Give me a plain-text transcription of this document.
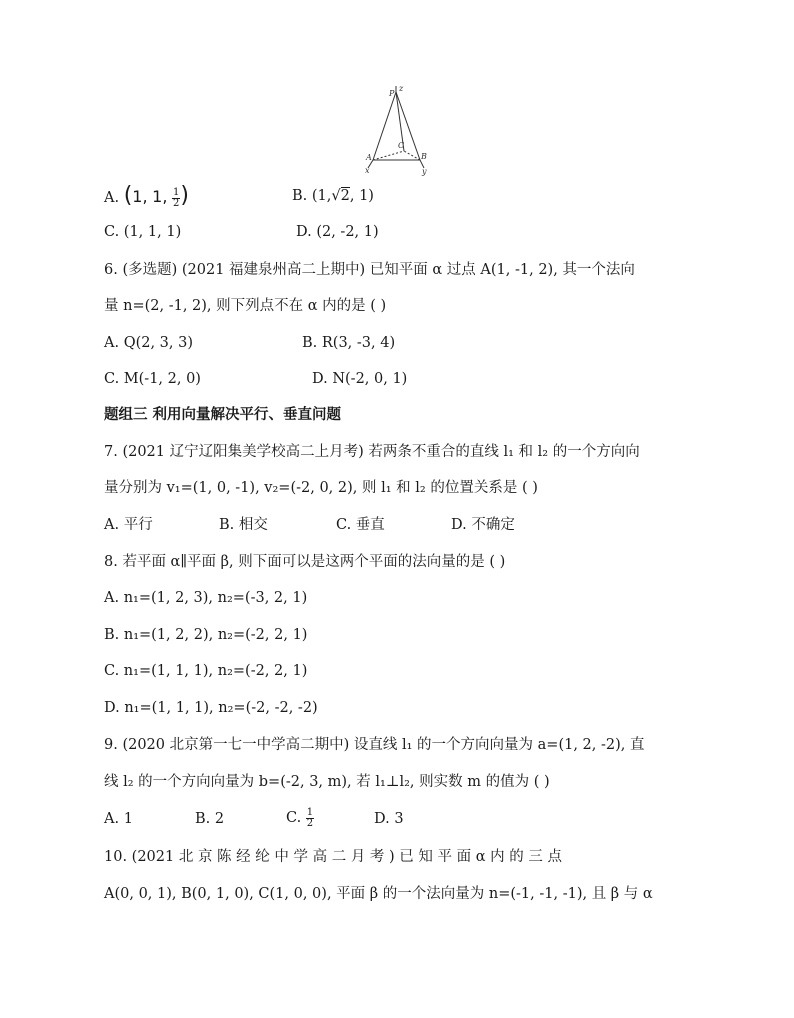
P
z
C
A	B
x	y
A. (1, 1, $\frac{1}{2}$ )	B. (1,√2, 1)
C. (1, 1, 1)	D. (2, -2, 1)
6. (多选题) (2021 福建泉州高二上期中) 已知平面 α 过点 A(1, -1, 2), 其一个法向
量 n=(2, -1, 2), 则下列点不在 α 内的是 ( )
A. Q(2, 3, 3)	B. R(3, -3, 4)
C. M(-1, 2, 0)	D. N(-2, 0, 1)
题组三 利用向量解决平行、垂直问题
7. (2021 辽宁辽阳集美学校高二上月考) 若两条不重合的直线 l₁ 和 l₂ 的一个方向向
量分别为 v₁=(1, 0, -1), v₂=(-2, 0, 2), 则 l₁ 和 l₂ 的位置关系是 ( )
A. 平行	B. 相交	C. 垂直	D. 不确定
8. 若平面 α∥平面 β, 则下面可以是这两个平面的法向量的是 ( )
A. n₁=(1, 2, 3), n₂=(-3, 2, 1)
B. n₁=(1, 2, 2), n₂=(-2, 2, 1)
C. n₁=(1, 1, 1), n₂=(-2, 2, 1)
D. n₁=(1, 1, 1), n₂=(-2, -2, -2)
9. (2020 北京第一七一中学高二期中) 设直线 l₁ 的一个方向向量为 a=(1, 2, -2), 直
线 l₂ 的一个方向向量为 b=(-2, 3, m), 若 l₁⊥l₂, 则实数 m 的值为 ( )
A. 1	B. 2	C. $\frac{1}{2}$	D. 3
10. (2021 北 京 陈 经 纶 中 学 高 二 月 考 ) 已 知 平 面 α 内 的 三 点
A(0, 0, 1), B(0, 1, 0), C(1, 0, 0), 平面 β 的一个法向量为 n=(-1, -1, -1), 且 β 与 α
